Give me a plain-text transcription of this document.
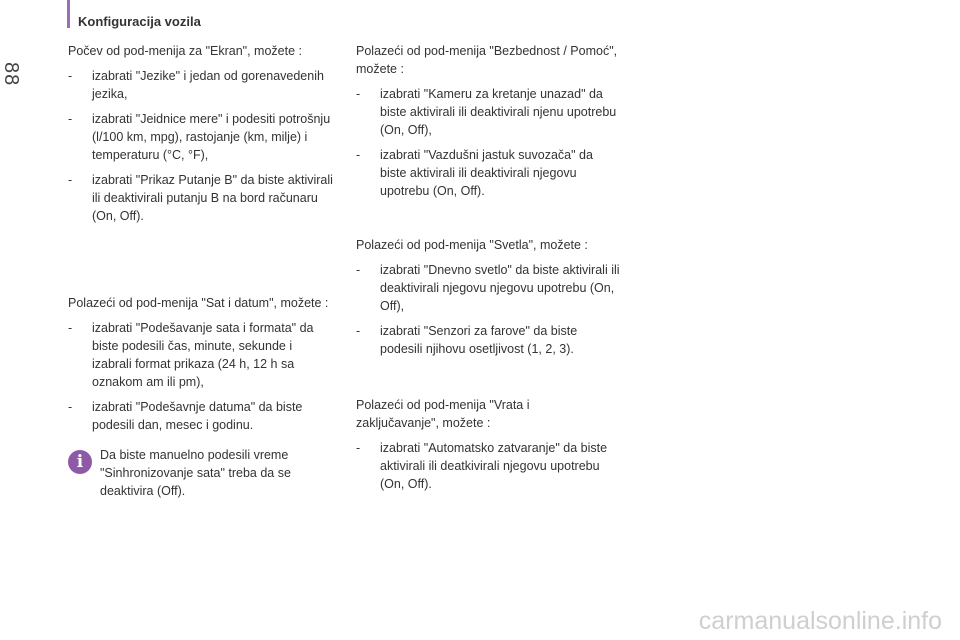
Konfiguracija vozila
88

Počev od pod-menija za "Ekran", možete :

- izabrati "Jezike" i jedan od gorenavedenih jezika,
- izabrati "Jeidnice mere" i podesiti potrošnju (l/100 km, mpg), rastojanje (km, milje) i temperaturu (°C, °F),
- izabrati "Prikaz Putanje B" da biste aktivirali ili deaktivirali putanju B na bord računaru (On, Off).

Polazeći od pod-menija "Sat i datum", možete :

- izabrati "Podešavanje sata i formata" da biste podesili čas, minute, sekunde i izabrali format prikaza (24 h, 12 h sa oznakom am ili pm),
- izabrati "Podešavnje datuma" da biste podesili dan, mesec i godinu.
i	Da biste manuelno podesili vreme "Sinhronizovanje sata" treba da se deaktivira (Off).

Polazeći od pod-menija "Bezbednost / Pomoć", možete :

- izabrati "Kameru za kretanje unazad" da biste aktivirali ili deaktivirali njenu upotrebu (On, Off),
- izabrati "Vazdušni jastuk suvozača" da biste aktivirali ili deaktivirali njegovu upotrebu (On, Off).

Polazeći od pod-menija "Svetla", možete :

- izabrati "Dnevno svetlo" da biste aktivirali ili deaktivirali njegovu njegovu upotrebu (On, Off),
- izabrati "Senzori za farove" da biste podesili njihovu osetljivost (1, 2, 3).

Polazeći od pod-menija "Vrata i zaključavanje", možete :

- izabrati "Automatsko zatvaranje" da biste aktivirali ili deatkivirali njegovu upotrebu (On, Off).
carmanualsonline.info
